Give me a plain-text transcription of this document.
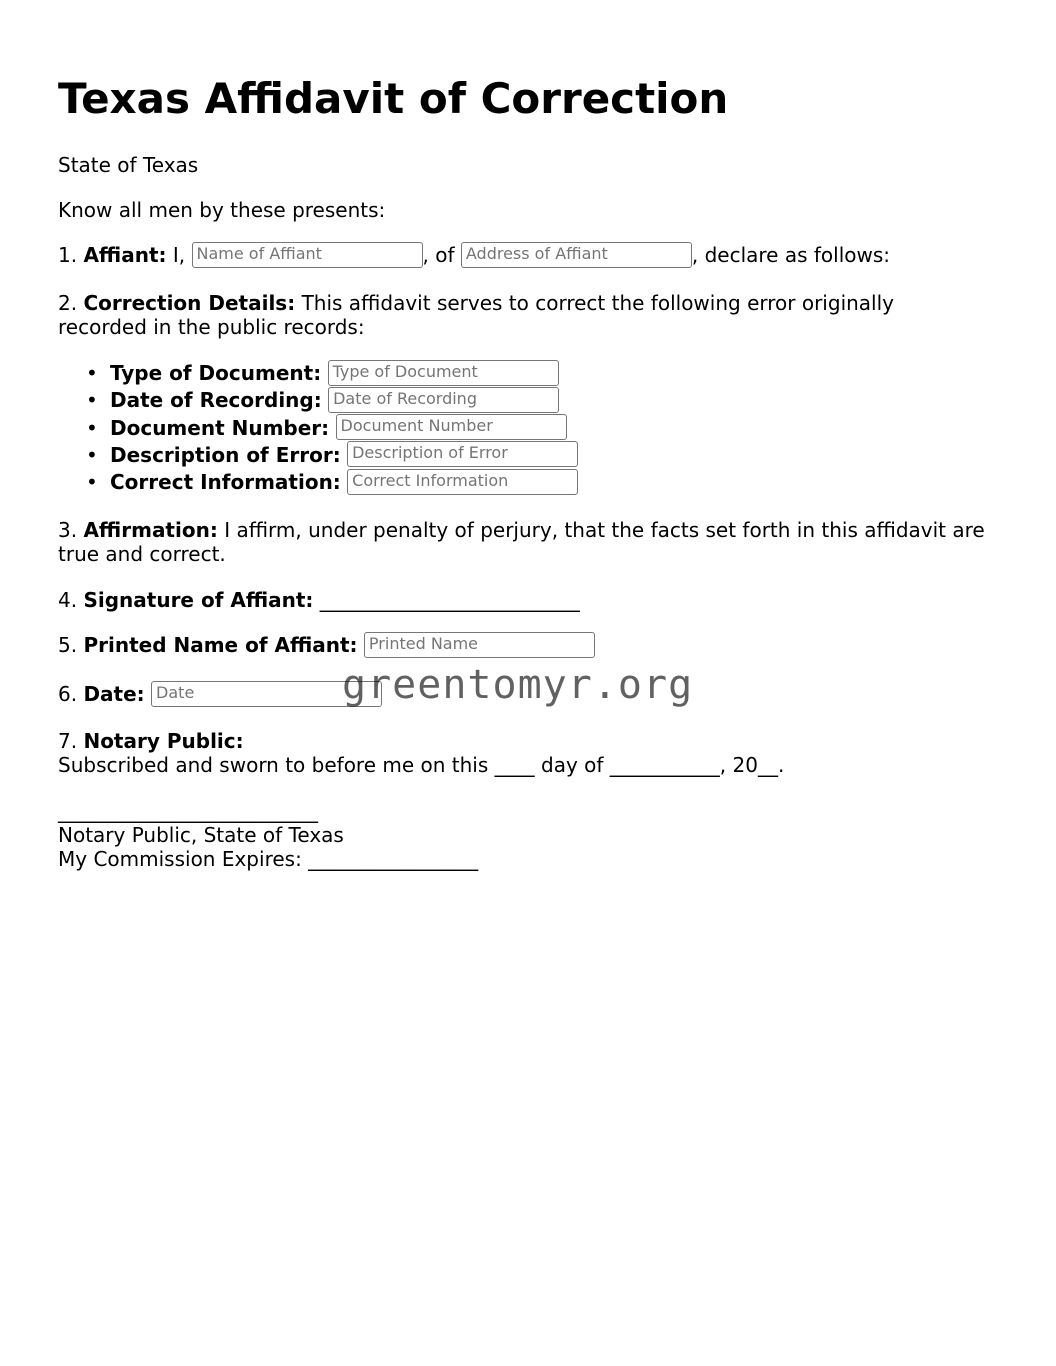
Texas Affidavit of Correction
State of Texas
Know all men by these presents:
1. Affiant: I, Name of Affiant	, of Address of Affiant	, declare as follows:
2. Correction Details: This affidavit serves to correct the following error originally recorded in the public records:
• Type of Document: Type of Document
• Date of Recording: Date of Recording
• Document Number: Document Number
• Description of Error: Description of Error
• Correct Information: Correct Information
3. Affirmation: I affirm, under penalty of perjury, that the facts set forth in this affidavit are true and correct.
4. Signature of Affiant: __________________________
5. Printed Name of Affiant: Printed Name
6. Date: Date
7. Notary Public:
Subscribed and sworn to before me on this ____ day of ___________, 20__.
__________________________
Notary Public, State of Texas
My Commission Expires: _________________
greentomyr.org
